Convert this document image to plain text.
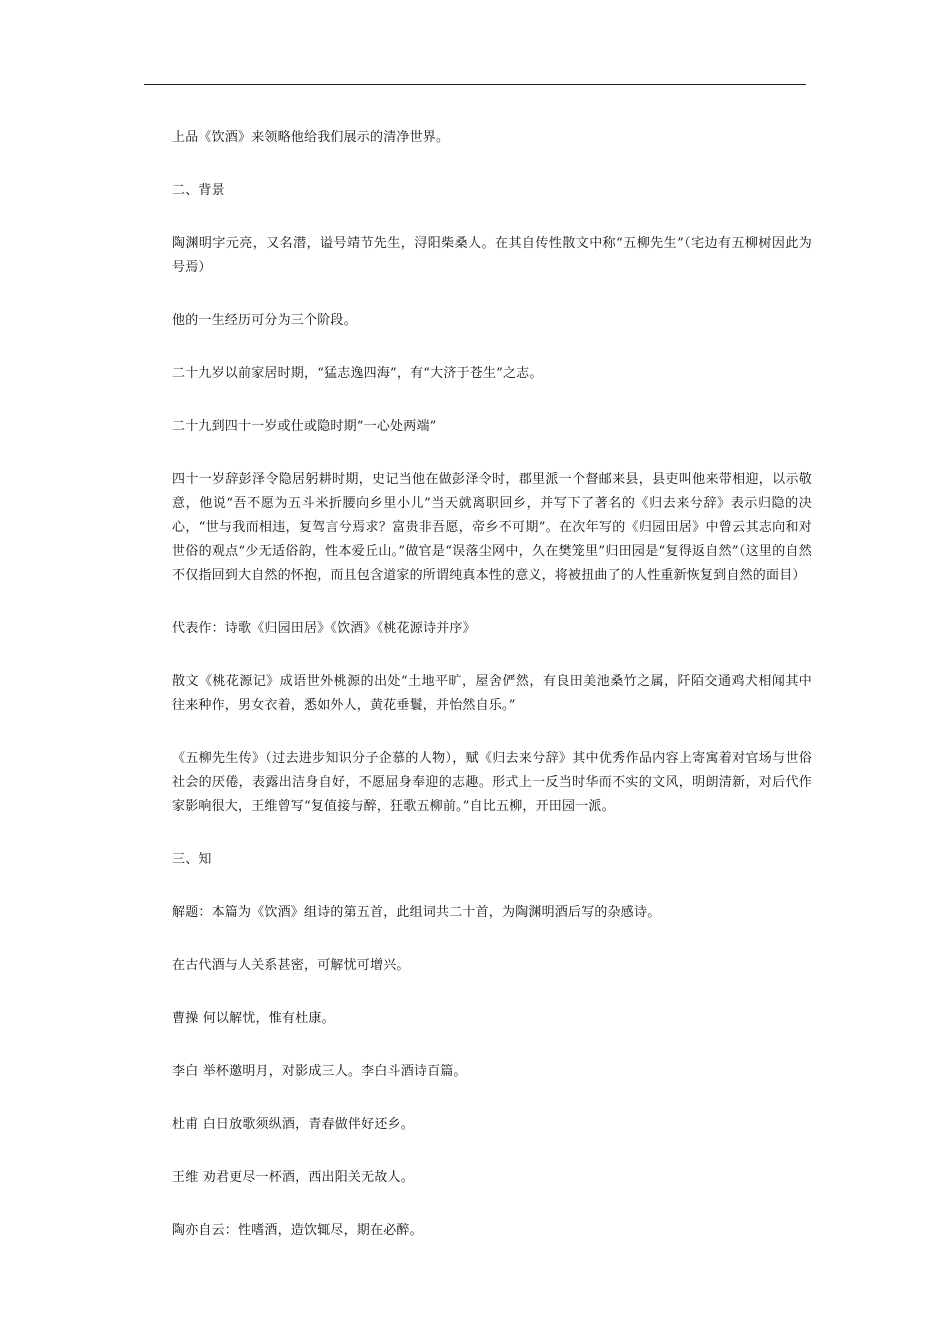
上品《饮酒》来领略他给我们展示的清净世界。

二、背景

陶渊明字元亮，又名潜，谥号靖节先生，浔阳柴桑人。在其自传性散文中称“五柳先生”（宅边有五柳树因此为号焉）

他的一生经历可分为三个阶段。

二十九岁以前家居时期，“猛志逸四海”，有“大济于苍生”之志。

二十九到四十一岁或仕或隐时期“一心处两端”

四十一岁辞彭泽令隐居躬耕时期，史记当他在做彭泽令时，郡里派一个督邮来县，县吏叫他来带相迎，以示敬意，他说“吾不愿为五斗米折腰向乡里小儿”当天就离职回乡，并写下了著名的《归去来兮辞》表示归隐的决心，“世与我而相违，复驾言兮焉求？富贵非吾愿，帝乡不可期”。在次年写的《归园田居》中曾云其志向和对世俗的观点“少无适俗韵，性本爱丘山。”做官是“误落尘网中，久在樊笼里”归田园是“复得返自然”（这里的自然不仅指回到大自然的怀抱，而且包含道家的所谓纯真本性的意义，将被扭曲了的人性重新恢复到自然的面目）

代表作：诗歌《归园田居》《饮酒》《桃花源诗并序》

散文《桃花源记》成语世外桃源的出处“土地平旷，屋舍俨然，有良田美池桑竹之属，阡陌交通鸡犬相闻其中往来种作，男女衣着，悉如外人，黄花垂鬟，并怡然自乐。”

《五柳先生传》（过去进步知识分子企慕的人物），赋《归去来兮辞》其中优秀作品内容上寄寓着对官场与世俗社会的厌倦，表露出洁身自好，不愿屈身奉迎的志趣。形式上一反当时华而不实的文风，明朗清新，对后代作家影响很大，王维曾写“复值接与醉，狂歌五柳前。”自比五柳，开田园一派。

三、知

解题：本篇为《饮酒》组诗的第五首，此组词共二十首，为陶渊明酒后写的杂感诗。

在古代酒与人关系甚密，可解忧可增兴。

曹操 何以解忧，惟有杜康。

李白 举杯邀明月，对影成三人。李白斗酒诗百篇。

杜甫 白日放歌须纵酒，青春做伴好还乡。

王维 劝君更尽一杯酒，西出阳关无故人。

陶亦自云：性嗜酒，造饮辄尽，期在必醉。
